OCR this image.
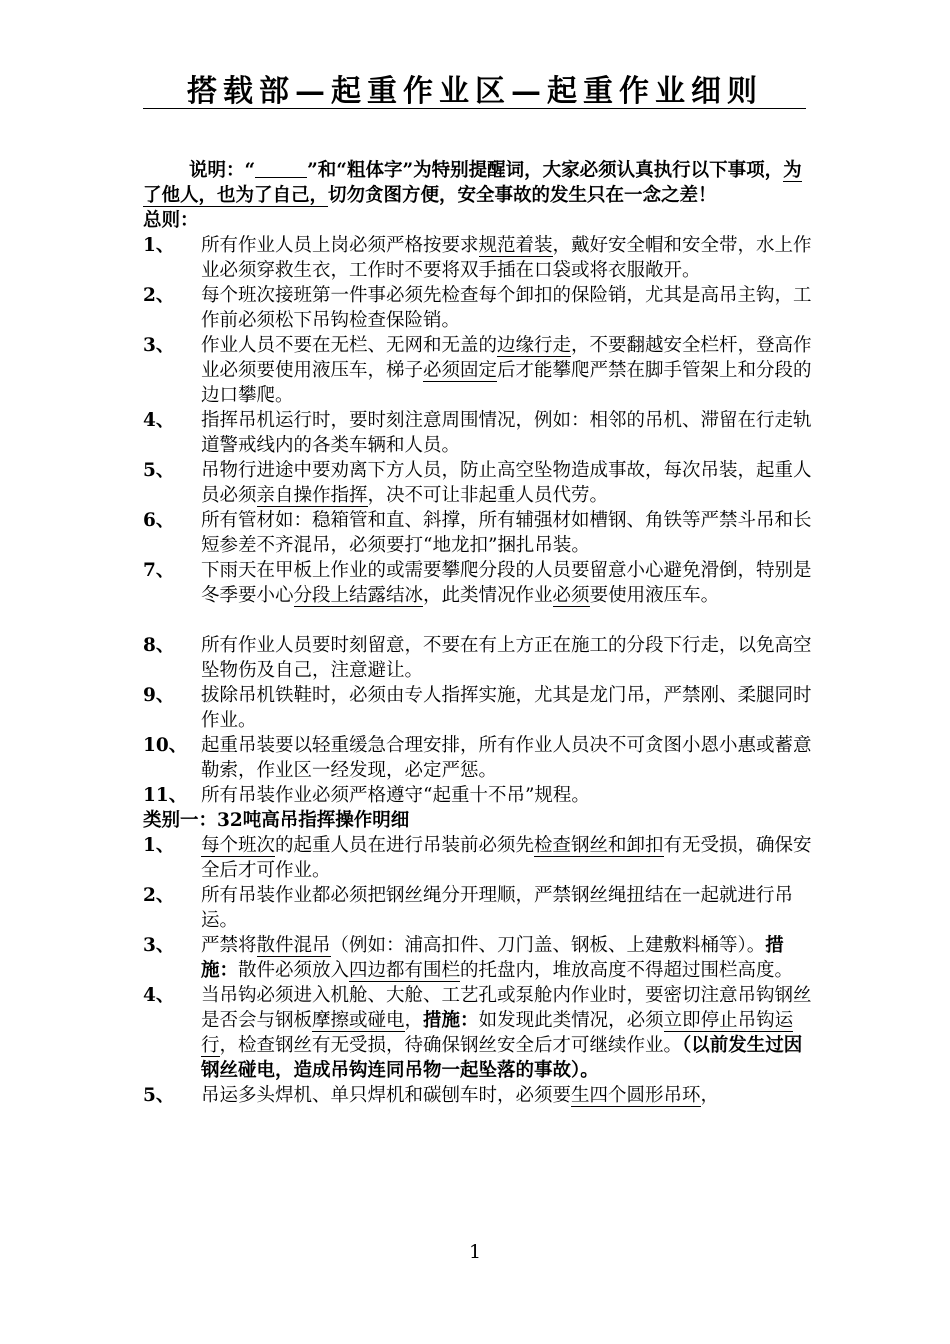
搭载部—起重作业区—起重作业细则

说明：“	”和“粗体字”为特别提醒词，大家必须认真执行以下事项，为了他人，也为了自己，切勿贪图方便，安全事故的发生只在一念之差！

总则：

1、	所有作业人员上岗必须严格按要求规范着装，戴好安全帽和安全带，水上作业必须穿救生衣，工作时不要将双手插在口袋或将衣服敞开。
2、	每个班次接班第一件事必须先检查每个卸扣的保险销，尤其是高吊主钩，工作前必须松下吊钩检查保险销。
3、	作业人员不要在无栏、无网和无盖的边缘行走，不要翻越安全栏杆，登高作业必须要使用液压车，梯子必须固定后才能攀爬严禁在脚手管架上和分段的边口攀爬。
4、	指挥吊机运行时，要时刻注意周围情况，例如：相邻的吊机、滞留在行走轨道警戒线内的各类车辆和人员。
5、	吊物行进途中要劝离下方人员，防止高空坠物造成事故，每次吊装，起重人员必须亲自操作指挥，决不可让非起重人员代劳。
6、	所有管材如：稳箱管和直、斜撑，所有辅强材如槽钢、角铁等严禁斗吊和长短参差不齐混吊，必须要打“地龙扣”捆扎吊装。
7、	下雨天在甲板上作业的或需要攀爬分段的人员要留意小心避免滑倒，特别是冬季要小心分段上结露结冰，此类情况作业必须要使用液压车。
8、	所有作业人员要时刻留意，不要在有上方正在施工的分段下行走，以免高空坠物伤及自己，注意避让。
9、	拔除吊机铁鞋时，必须由专人指挥实施，尤其是龙门吊，严禁刚、柔腿同时作业。
10、 起重吊装要以轻重缓急合理安排，所有作业人员决不可贪图小恩小惠或蓄意勒索，作业区一经发现，必定严惩。
11、 所有吊装作业必须严格遵守“起重十不吊”规程。

类别一：32吨高吊指挥操作明细

1、	每个班次的起重人员在进行吊装前必须先检查钢丝和卸扣有无受损，确保安全后才可作业。
2、	所有吊装作业都必须把钢丝绳分开理顺，严禁钢丝绳扭结在一起就进行吊运。
3、	严禁将散件混吊（例如：浦高扣件、刀门盖、钢板、上建敷料桶等）。措施：散件必须放入四边都有围栏的托盘内，堆放高度不得超过围栏高度。
4、	当吊钩必须进入机舱、大舱、工艺孔或泵舱内作业时，要密切注意吊钩钢丝是否会与钢板摩擦或碰电，措施：如发现此类情况，必须立即停止吊钩运行，检查钢丝有无受损，待确保钢丝安全后才可继续作业。（以前发生过因钢丝碰电，造成吊钩连同吊物一起坠落的事故）。
5、	吊运多头焊机、单只焊机和碳刨车时，必须要生四个圆形吊环，
1
